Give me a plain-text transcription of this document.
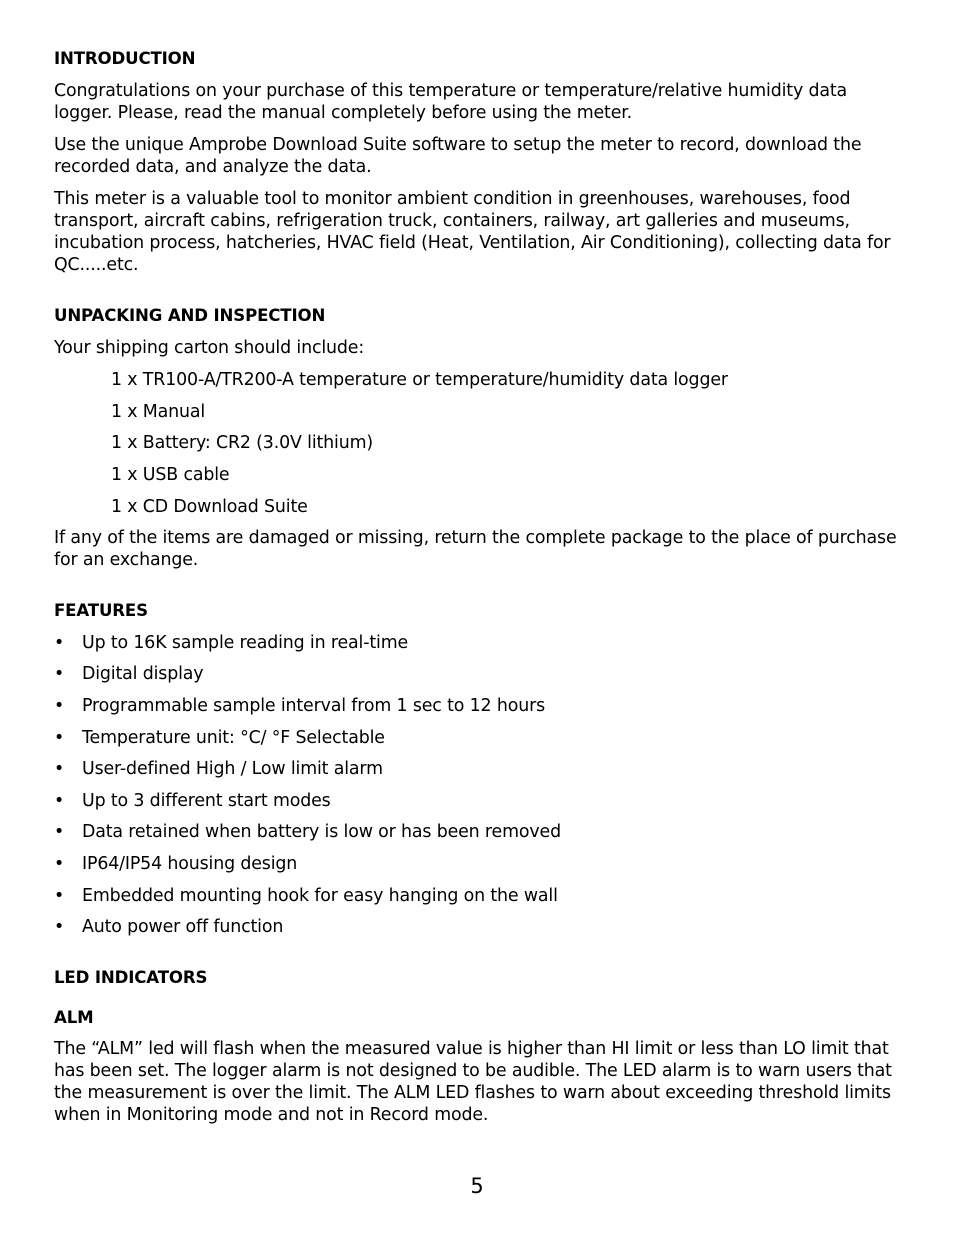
INTRODUCTION

Congratulations on your purchase of this temperature or temperature/relative humidity data logger. Please, read the manual completely before using the meter.

Use the unique Amprobe Download Suite software to setup the meter to record, download the recorded data, and analyze the data.

This meter is a valuable tool to monitor ambient condition in greenhouses, warehouses, food transport, aircraft cabins, refrigeration truck, containers, railway, art galleries and museums, incubation process, hatcheries, HVAC field (Heat, Ventilation, Air Conditioning), collecting data for QC.....etc.

UNPACKING AND INSPECTION

Your shipping carton should include:

1 x TR100-A/TR200-A temperature or temperature/humidity data logger
1 x Manual
1 x Battery: CR2 (3.0V lithium)
1 x USB cable
1 x CD Download Suite

If any of the items are damaged or missing, return the complete package to the place of purchase for an exchange.

FEATURES
• Up to 16K sample reading in real-time
• Digital display
• Programmable sample interval from 1 sec to 12 hours
• Temperature unit: °C/ °F Selectable
• User-defined High / Low limit alarm
• Up to 3 different start modes
• Data retained when battery is low or has been removed
• IP64/IP54 housing design
• Embedded mounting hook for easy hanging on the wall
• Auto power off function
LED INDICATORS
ALM

The “ALM” led will flash when the measured value is higher than HI limit or less than LO limit that has been set. The logger alarm is not designed to be audible. The LED alarm is to warn users that the measurement is over the limit. The ALM LED flashes to warn about exceeding threshold limits when in Monitoring mode and not in Record mode.

5
